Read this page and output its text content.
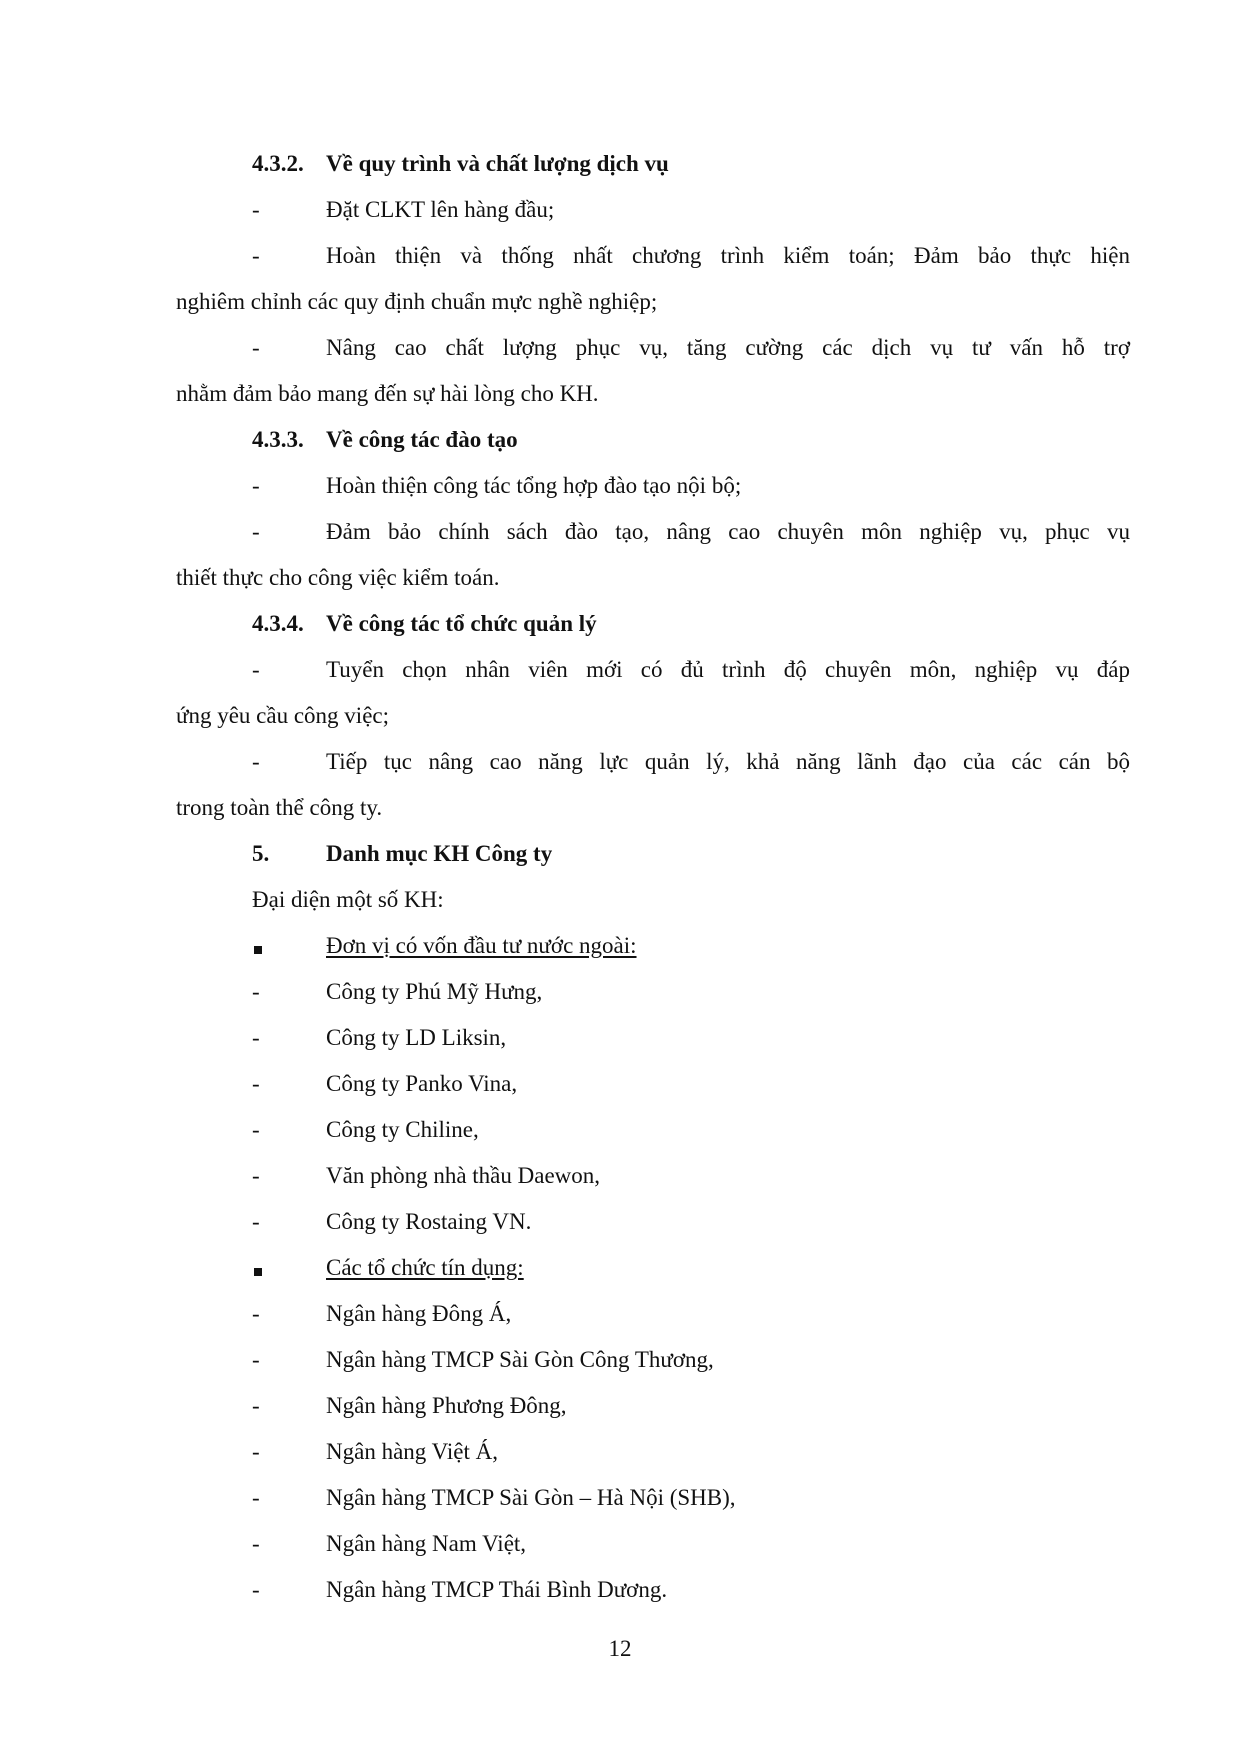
4.3.2. Về quy trình và chất lượng dịch vụ
-	Đặt CLKT lên hàng đầu;
-	Hoàn thiện và thống nhất chương trình kiểm toán; Đảm bảo thực hiện
nghiêm chỉnh các quy định chuẩn mực nghề nghiệp;
-	Nâng cao chất lượng phục vụ, tăng cường các dịch vụ tư vấn hỗ trợ
nhằm đảm bảo mang đến sự hài lòng cho KH.
4.3.3. Về công tác đào tạo
-	Hoàn thiện công tác tổng hợp đào tạo nội bộ;
-	Đảm bảo chính sách đào tạo, nâng cao chuyên môn nghiệp vụ, phục vụ
thiết thực cho công việc kiểm toán.
4.3.4. Về công tác tổ chức quản lý
-	Tuyển chọn nhân viên mới có đủ trình độ chuyên môn, nghiệp vụ đáp
ứng yêu cầu công việc;
-	Tiếp tục nâng cao năng lực quản lý, khả năng lãnh đạo của các cán bộ
trong toàn thể công ty.
5. Danh mục KH Công ty
Đại diện một số KH:
Đơn vị có vốn đầu tư nước ngoài:
-	Công ty Phú Mỹ Hưng,
-	Công ty LD Liksin,
-	Công ty Panko Vina,
-	Công ty Chiline,
-	Văn phòng nhà thầu Daewon,
-	Công ty Rostaing VN.
Các tổ chức tín dụng:
-	Ngân hàng Đông Á,
-	Ngân hàng TMCP Sài Gòn Công Thương,
-	Ngân hàng Phương Đông,
-	Ngân hàng Việt Á,
-	Ngân hàng TMCP Sài Gòn – Hà Nội (SHB),
-	Ngân hàng Nam Việt,
-	Ngân hàng TMCP Thái Bình Dương.
12
